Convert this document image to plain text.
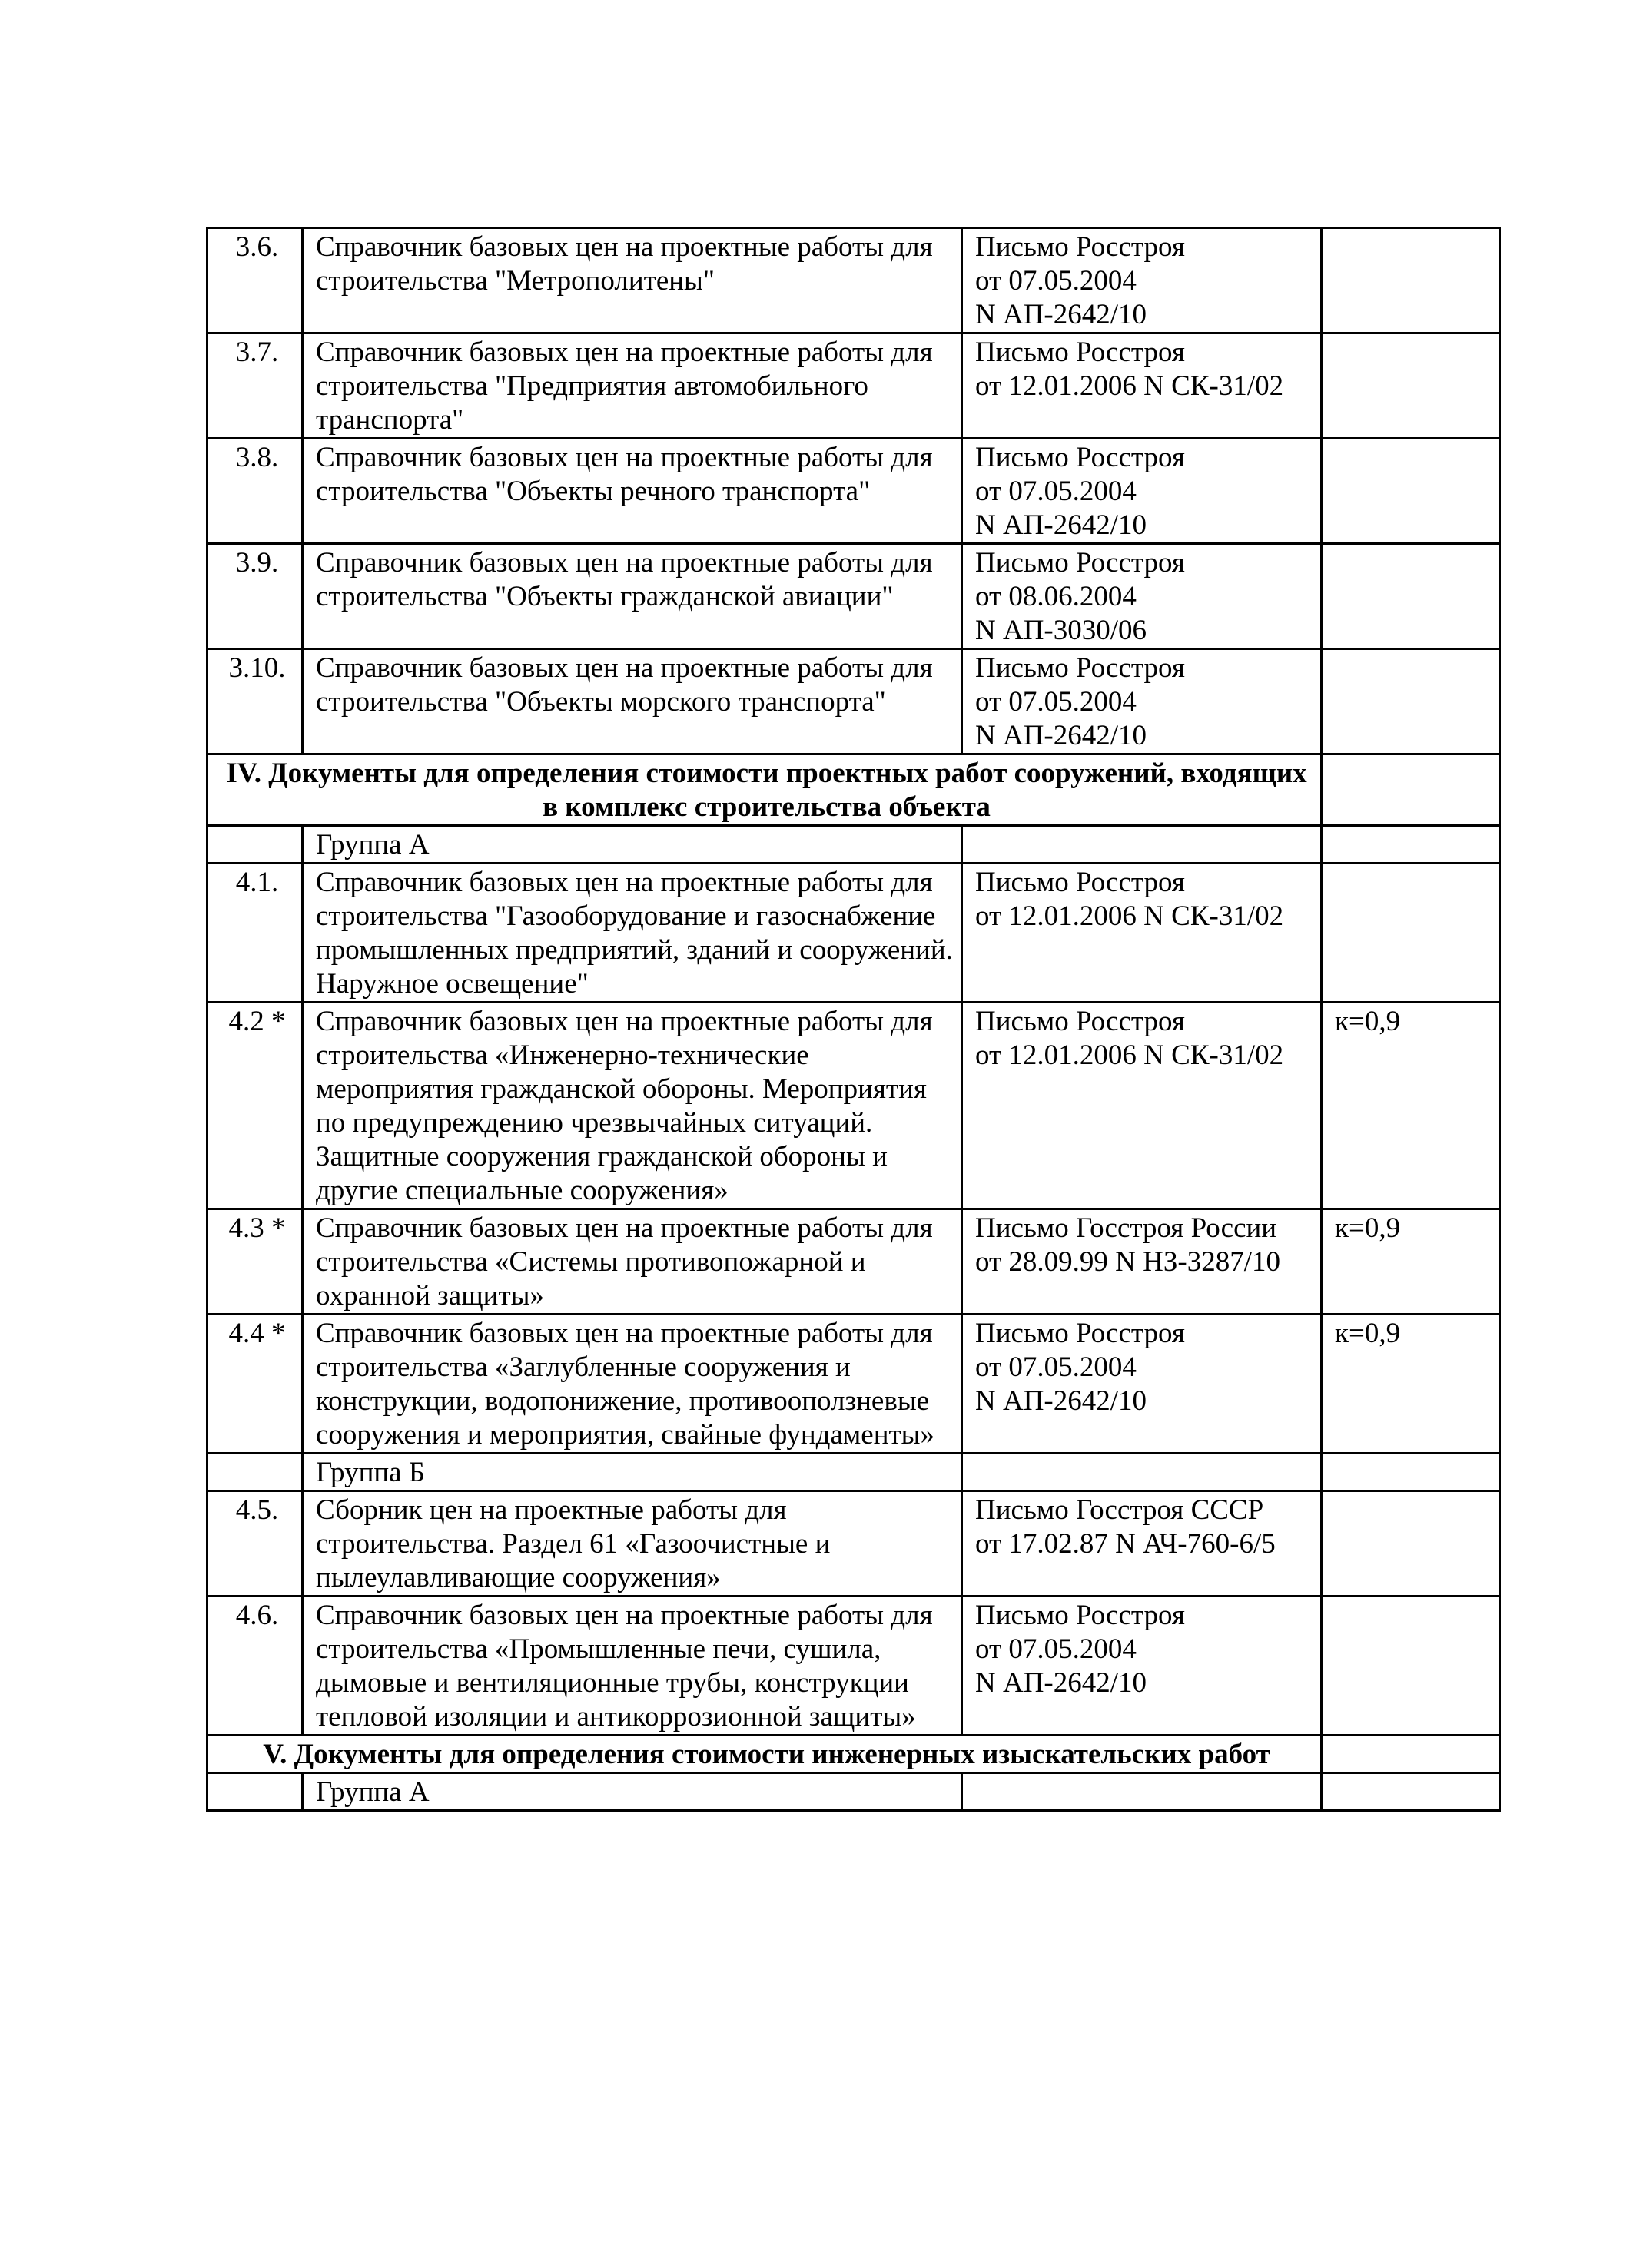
3.6.	Справочник базовых цен на проектные работы для строительства "Метрополитены"	Письмо Росстроя
от 07.05.2004
N АП-2642/10	

3.7.	Справочник базовых цен на проектные работы для строительства "Предприятия автомобильного транспорта"	Письмо Росстроя
от 12.01.2006 N СК-31/02	

3.8.	Справочник базовых цен на проектные работы для строительства "Объекты речного транспорта"	Письмо Росстроя
от 07.05.2004
N АП-2642/10	

3.9.	Справочник базовых цен на проектные работы для строительства "Объекты гражданской авиации"	Письмо Росстроя
от 08.06.2004
N АП-3030/06	

3.10.	Справочник базовых цен на проектные работы для строительства "Объекты морского транспорта"	Письмо Росстроя
от 07.05.2004
N АП-2642/10	

IV. Документы для определения стоимости проектных работ сооружений, входящих в комплекс строительства объекта			
	Группа А		
4.1.	Справочник базовых цен на проектные работы для строительства "Газооборудование и газоснабжение промышленных предприятий, зданий и сооружений. Наружное освещение"	Письмо Росстроя
от 12.01.2006 N СК-31/02	

4.2 *	Справочник базовых цен на проектные работы для строительства «Инженерно-технические мероприятия гражданской обороны. Мероприятия по предупреждению чрезвычайных ситуаций. Защитные сооружения гражданской обороны и другие специальные сооружения»	Письмо Росстроя
от 12.01.2006 N СК-31/02	к=0,9
4.3 *	Справочник базовых цен на проектные работы для строительства «Системы противопожарной и охранной защиты»	Письмо Госстроя России
от 28.09.99 N НЗ-3287/10	к=0,9
4.4 *	Справочник базовых цен на проектные работы для строительства «Заглубленные сооружения и конструкции, водопонижение, противооползневые сооружения и мероприятия, свайные фундаменты»	Письмо Росстроя
от 07.05.2004
N АП-2642/10	к=0,9
	Группа Б		
4.5.	Сборник цен на проектные работы для строительства. Раздел 61 «Газоочистные и пылеулавливающие сооружения»	Письмо Госстроя СССР
от 17.02.87 N АЧ-760-6/5	

4.6.	Справочник базовых цен на проектные работы для строительства «Промышленные печи, сушила, дымовые и вентиляционные трубы, конструкции тепловой изоляции и антикоррозионной защиты»	Письмо Росстроя
от 07.05.2004
N АП-2642/10	

V. Документы для определения стоимости инженерных изыскательских работ			
	Группа А		
